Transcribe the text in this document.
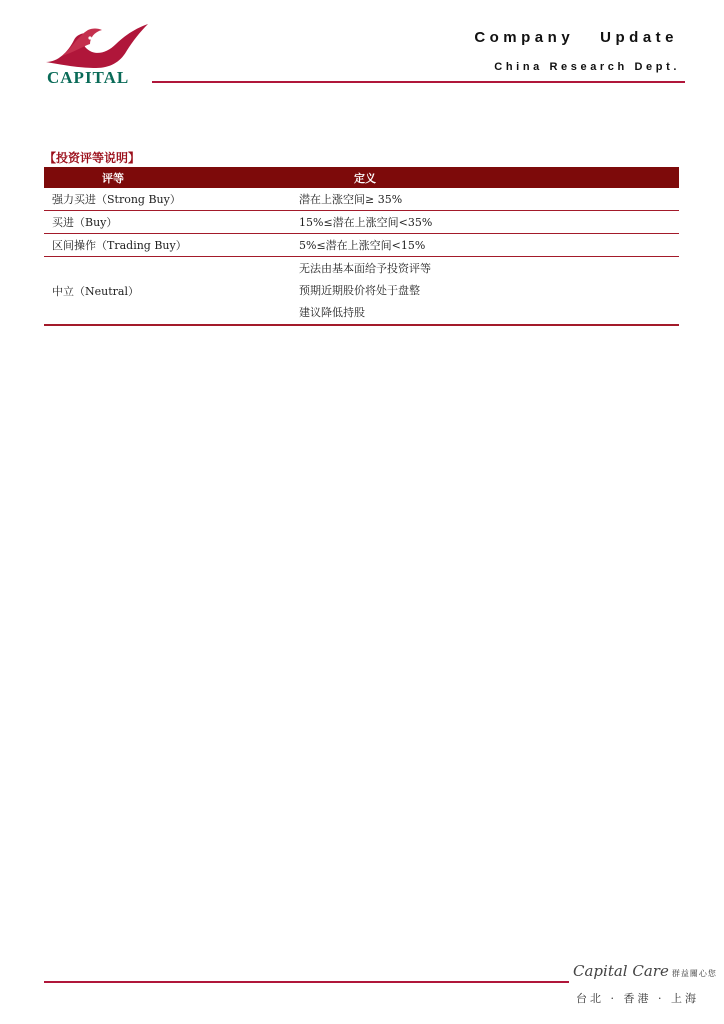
CAPITAL
Company Update
China Research Dept.
【投资评等说明】
评等	定义
强力买进（Strong Buy）	潜在上涨空间≥ 35%
买进（Buy）	15%≤潜在上涨空间<35%
区间操作（Trading Buy）	5%≤潜在上涨空间<15%
中立（Neutral）	无法由基本面给予投资评等
预期近期股价将处于盘整
建议降低持股
Capital Care 群益關心您
台北 · 香港 · 上海
